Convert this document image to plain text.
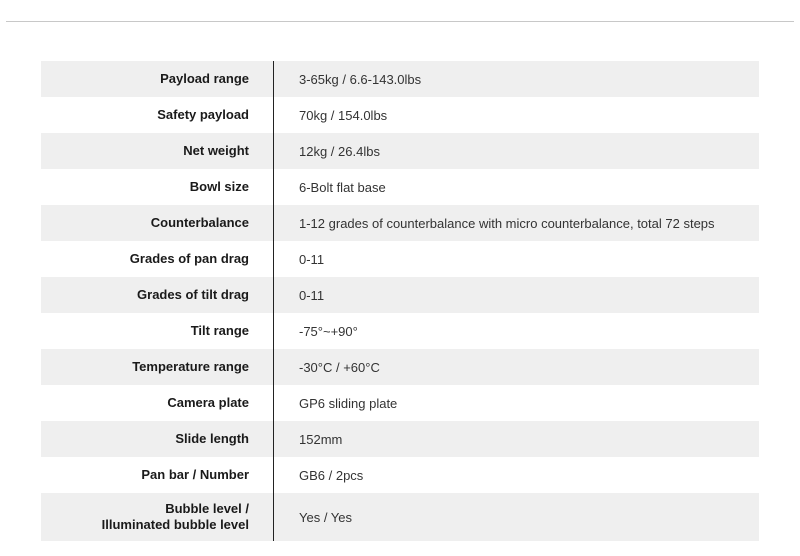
Payload range	3-65kg / 6.6-143.0lbs
Safety payload	70kg / 154.0lbs
Net weight	12kg / 26.4lbs
Bowl size	6-Bolt flat base
Counterbalance	1-12 grades of counterbalance with micro counterbalance, total 72 steps
Grades of pan drag	0-11
Grades of tilt drag	0-11
Tilt range	-75°~+90°
Temperature range	-30°C / +60°C
Camera plate	GP6 sliding plate
Slide length	152mm
Pan bar / Number	GB6 / 2pcs
Bubble level /
Illuminated bubble level	Yes / Yes
